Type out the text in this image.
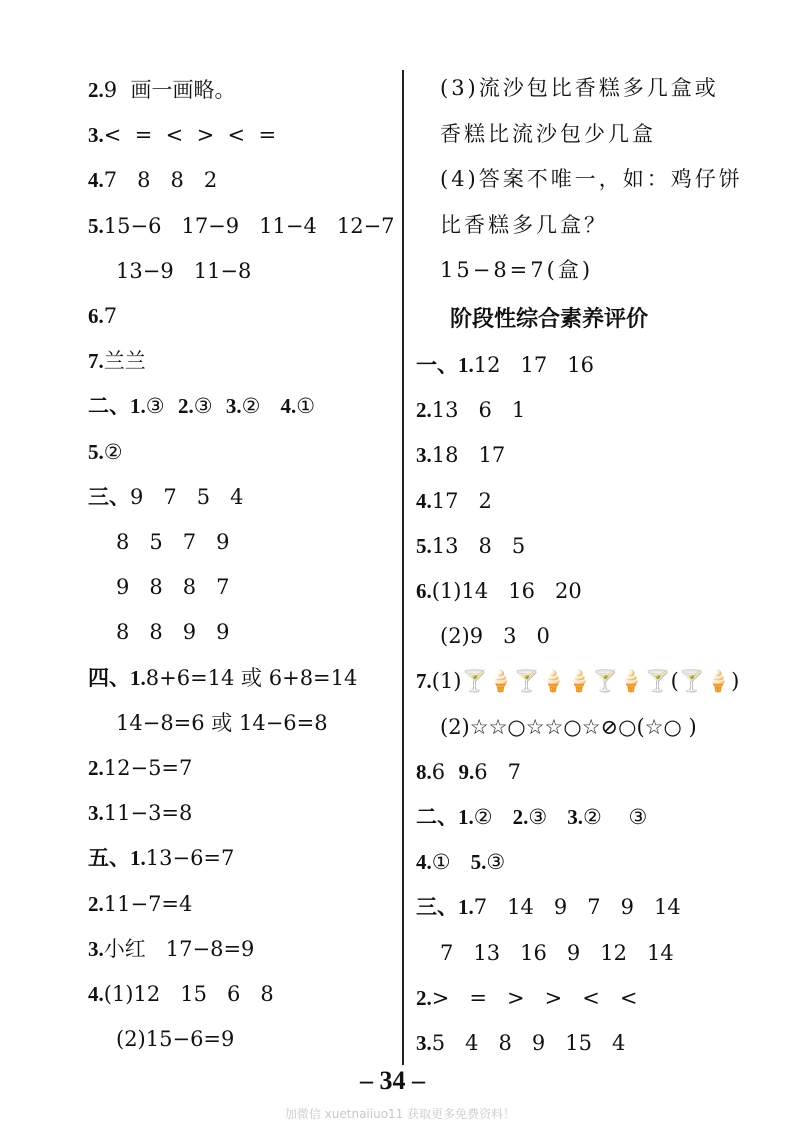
2.9  画一画略。
3.<  =  <  >  <  =
4.7   8   8   2
5.15−6   17−9   11−4   12−7
13−9   11−8
6.7
7.兰兰
二、1.③  2.③  3.②   4.①
5.②
三、9   7   5   4
8   5   7   9
9   8   8   7
8   8   9   9
四、1.8+6=14 或 6+8=14
14−8=6 或 14−6=8
2.12−5=7
3.11−3=8
五、1.13−6=7
2.11−7=4
3.小红   17−8=9
4.(1)12   15   6   8
(2)15−6=9
(3)流沙包比香糕多几盒或
香糕比流沙包少几盒
(4)答案不唯一，如：鸡仔饼
比香糕多几盒？
15−8=7(盒)
阶段性综合素养评价
一、1.12   17   16
2.13   6   1
3.18   17
4.17   2
5.13   8   5
6.(1)14   16   20
(2)9   3   0
7.(1)🍸🍦🍸🍦🍦🍸🍦🍸(🍸🍦)
(2)☆☆○☆☆○☆⊘○(☆○ )
8.6  9.6   7
二、1.②   2.③   3.②    ③
4.①   5.③
三、1.7   14   9   7   9   14
7   13   16   9   12   14
2.>   =   >   >   <   <
3.5   4   8   9   15   4
– 34 –
加微信 xuetnaiiuo11 获取更多免费资料！
